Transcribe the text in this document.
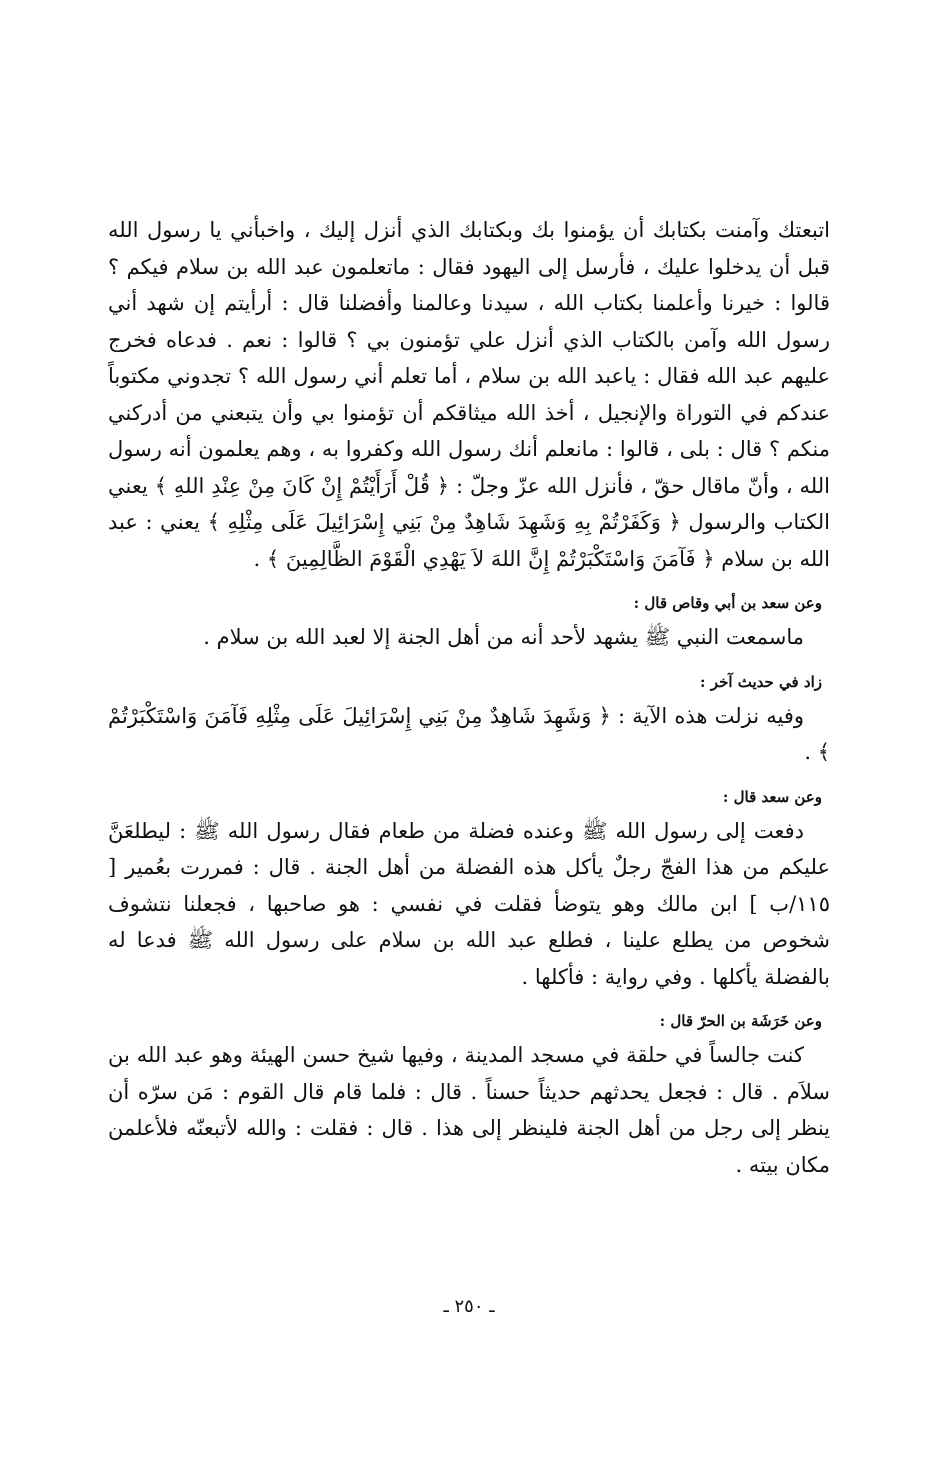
اتبعتك وآمنت بكتابك أن يؤمنوا بك وبكتابك الذي أنزل إليك ، واخبأني يا رسول الله قبل أن يدخلوا عليك ، فأرسل إلى اليهود فقال : ماتعلمون عبد الله بن سلام فيكم ؟ قالوا : خيرنا وأعلمنا بكتاب الله ، سيدنا وعالمنا وأفضلنا قال : أرأيتم إن شهد أني رسول الله وآمن بالكتاب الذي أنزل علي تؤمنون بي ؟ قالوا : نعم . فدعاه فخرج عليهم عبد الله فقال : ياعبد الله بن سلام ، أما تعلم أني رسول الله ؟ تجدوني مكتوباً عندكم في التوراة والإنجيل ، أخذ الله ميثاقكم أن تؤمنوا بي وأن يتبعني من أدركني منكم ؟ قال : بلى ، قالوا : مانعلم أنك رسول الله وكفروا به ، وهم يعلمون أنه رسول الله ، وأنّ ماقال حقّ ، فأنزل الله عزّ وجلّ : ﴿ قُلْ أَرَأَيْتُمْ إِنْ كَانَ مِنْ عِنْدِ اللهِ ﴾ يعني الكتاب والرسول ﴿ وَكَفَرْتُمْ بِهِ وَشَهِدَ شَاهِدٌ مِنْ بَنِي إِسْرَائِيلَ عَلَى مِثْلِهِ ﴾ يعني : عبد الله بن سلام ﴿ فَآمَنَ وَاسْتَكْبَرْتُمْ إِنَّ اللهَ لاَ يَهْدِي الْقَوْمَ الظَّالِمِينَ ﴾ .

وعن سعد بن أبي وقاص قال :

ماسمعت النبي ﷺ يشهد لأحد أنه من أهل الجنة إلا لعبد الله بن سلام .

زاد في حديث آخر :

وفيه نزلت هذه الآية : ﴿ وَشَهِدَ شَاهِدٌ مِنْ بَنِي إِسْرَائِيلَ عَلَى مِثْلِهِ فَآمَنَ وَاسْتَكْبَرْتُمْ ﴾ .

وعن سعد قال :

دفعت إلى رسول الله ﷺ وعنده فضلة من طعام فقال رسول الله ﷺ : ليطلعَنَّ عليكم من هذا الفجّ رجلٌ يأكل هذه الفضلة من أهل الجنة . قال : فمررت بعُمير [ ١١٥/ب ] ابن مالك وهو يتوضأ فقلت في نفسي : هو صاحبها ، فجعلنا نتشوف شخوص من يطلع علينا ، فطلع عبد الله بن سلام على رسول الله ﷺ فدعا له بالفضلة يأكلها . وفي رواية : فأكلها .

وعن خَرَشَة بن الحرّ قال :

كنت جالساً في حلقة في مسجد المدينة ، وفيها شيخ حسن الهيئة وهو عبد الله بن سلاَم . قال : فجعل يحدثهم حديثاً حسناً . قال : فلما قام قال القوم : مَن سرّه أن ينظر إلى رجل من أهل الجنة فلينظر إلى هذا . قال : فقلت : والله لأتبعنّه فلأعلمن مكان بيته .

ـ ٢٥٠ ـ
